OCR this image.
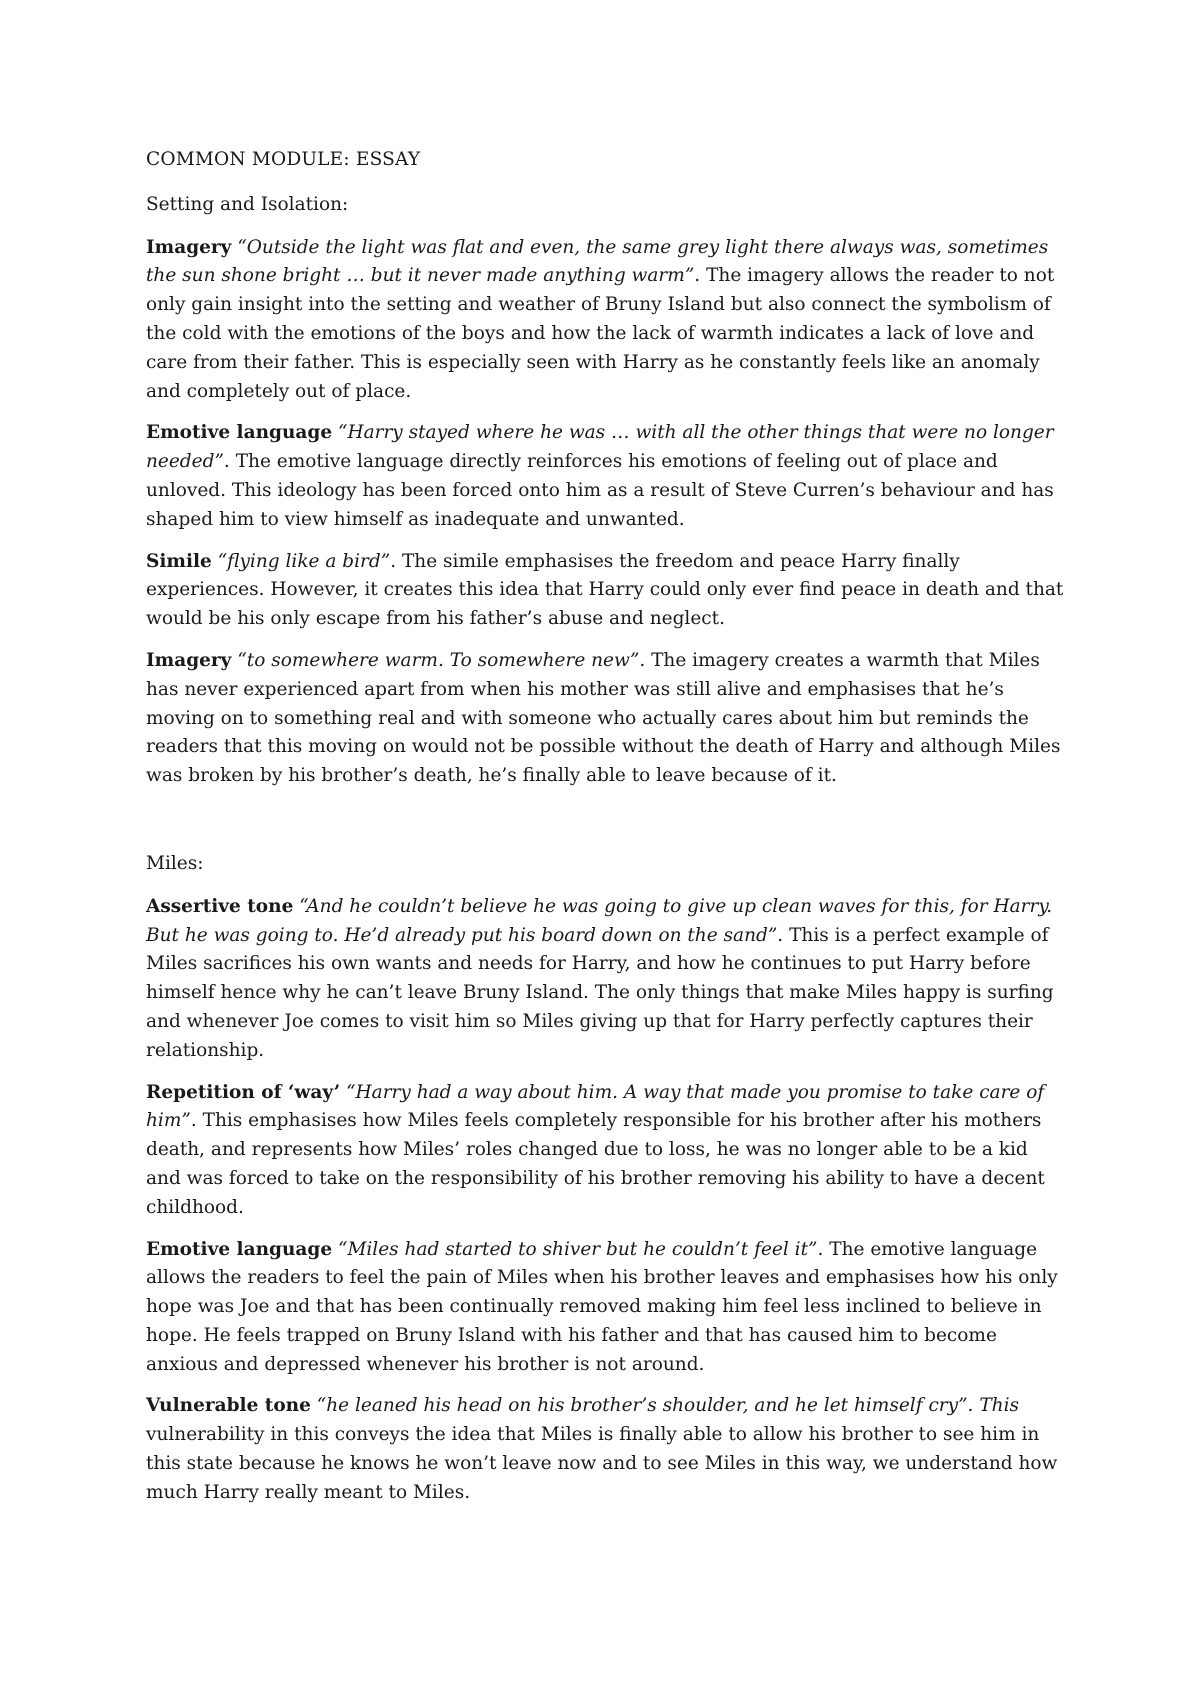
COMMON MODULE: ESSAY

Setting and Isolation:

Imagery “Outside the light was flat and even, the same grey light there always was, sometimes the sun shone bright … but it never made anything warm”. The imagery allows the reader to not only gain insight into the setting and weather of Bruny Island but also connect the symbolism of the cold with the emotions of the boys and how the lack of warmth indicates a lack of love and care from their father. This is especially seen with Harry as he constantly feels like an anomaly and completely out of place.

Emotive language “Harry stayed where he was … with all the other things that were no longer needed”. The emotive language directly reinforces his emotions of feeling out of place and unloved. This ideology has been forced onto him as a result of Steve Curren’s behaviour and has shaped him to view himself as inadequate and unwanted.

Simile “flying like a bird”. The simile emphasises the freedom and peace Harry finally experiences. However, it creates this idea that Harry could only ever find peace in death and that would be his only escape from his father’s abuse and neglect.

Imagery “to somewhere warm. To somewhere new”. The imagery creates a warmth that Miles has never experienced apart from when his mother was still alive and emphasises that he’s moving on to something real and with someone who actually cares about him but reminds the readers that this moving on would not be possible without the death of Harry and although Miles was broken by his brother’s death, he’s finally able to leave because of it.

Miles:

Assertive tone “And he couldn’t believe he was going to give up clean waves for this, for Harry. But he was going to. He’d already put his board down on the sand”. This is a perfect example of Miles sacrifices his own wants and needs for Harry, and how he continues to put Harry before himself hence why he can’t leave Bruny Island. The only things that make Miles happy is surfing and whenever Joe comes to visit him so Miles giving up that for Harry perfectly captures their relationship.

Repetition of ‘way’ “Harry had a way about him. A way that made you promise to take care of him”. This emphasises how Miles feels completely responsible for his brother after his mothers death, and represents how Miles’ roles changed due to loss, he was no longer able to be a kid and was forced to take on the responsibility of his brother removing his ability to have a decent childhood.

Emotive language “Miles had started to shiver but he couldn’t feel it”. The emotive language allows the readers to feel the pain of Miles when his brother leaves and emphasises how his only hope was Joe and that has been continually removed making him feel less inclined to believe in hope. He feels trapped on Bruny Island with his father and that has caused him to become anxious and depressed whenever his brother is not around.

Vulnerable tone “he leaned his head on his brother’s shoulder, and he let himself cry”. This vulnerability in this conveys the idea that Miles is finally able to allow his brother to see him in this state because he knows he won’t leave now and to see Miles in this way, we understand how much Harry really meant to Miles.
